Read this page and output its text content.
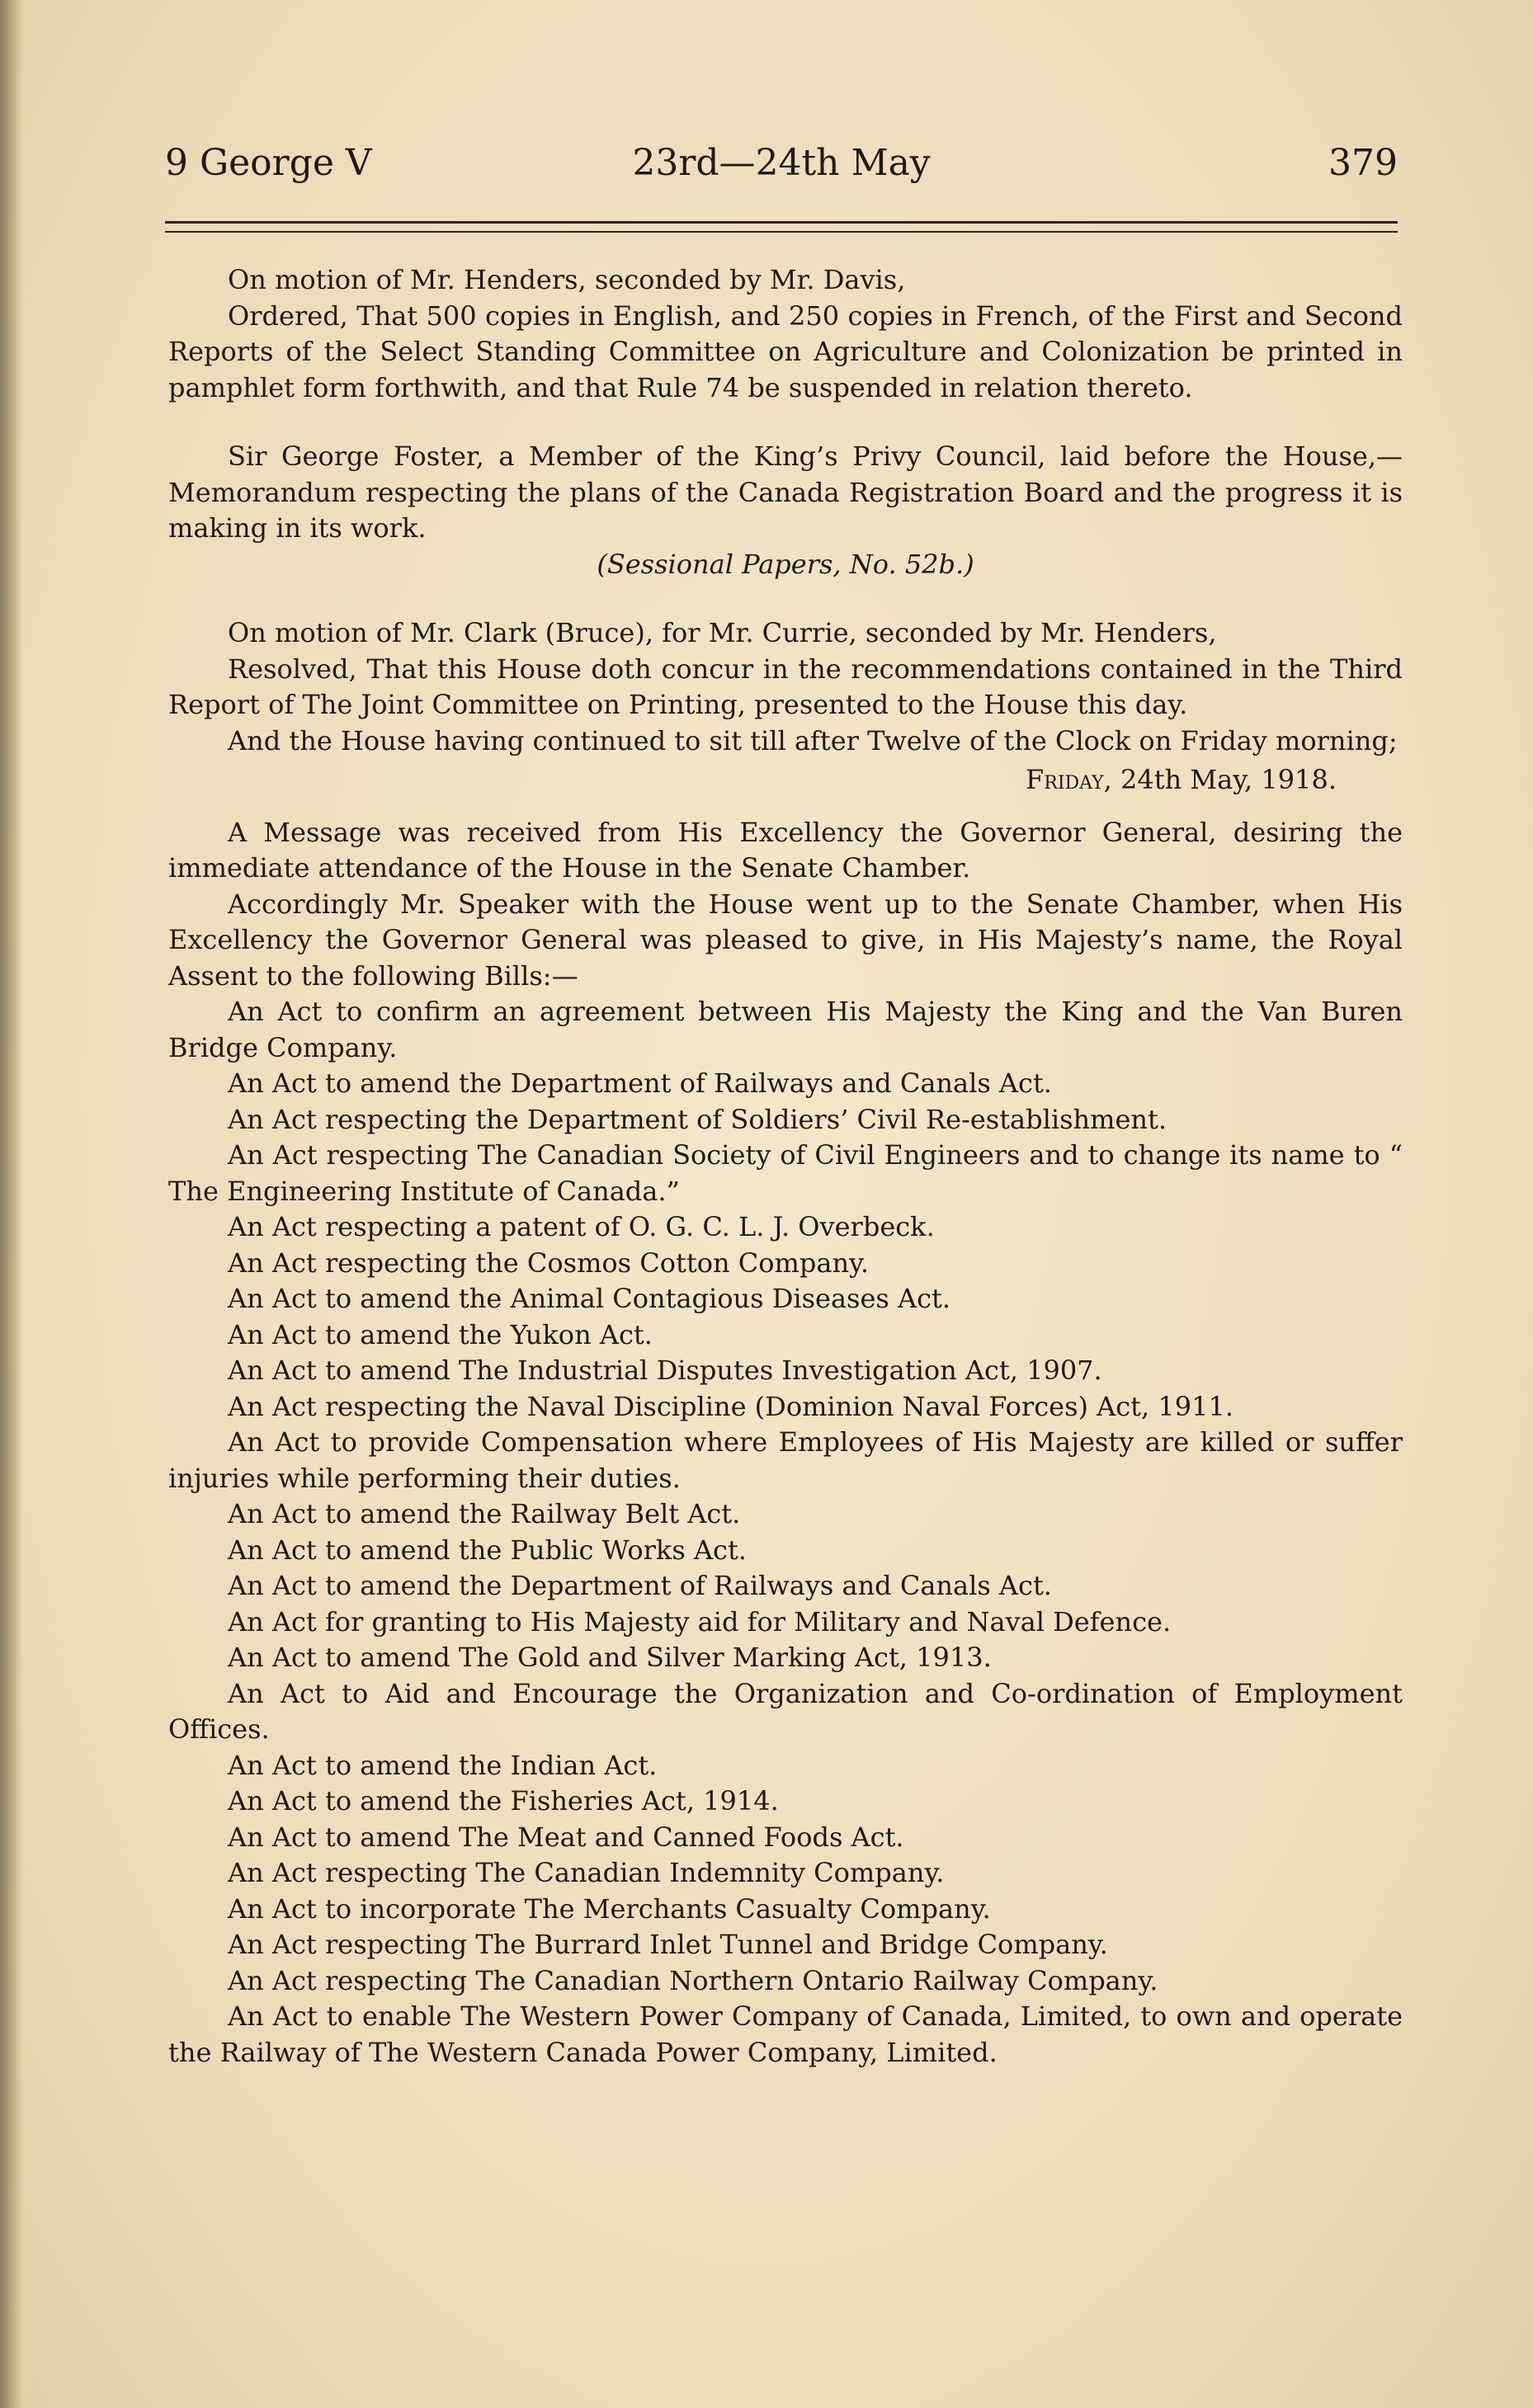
9 George V	23rd—24th May	379

On motion of Mr. Henders, seconded by Mr. Davis,

Ordered, That 500 copies in English, and 250 copies in French, of the First and Second Reports of the Select Standing Committee on Agriculture and Colonization be printed in pamphlet form forthwith, and that Rule 74 be suspended in relation thereto.

Sir George Foster, a Member of the King’s Privy Council, laid before the House,—Memorandum respecting the plans of the Canada Registration Board and the progress it is making in its work.

(Sessional Papers, No. 52b.)

On motion of Mr. Clark (Bruce), for Mr. Currie, seconded by Mr. Henders,

Resolved, That this House doth concur in the recommendations contained in the Third Report of The Joint Committee on Printing, presented to the House this day.

And the House having continued to sit till after Twelve of the Clock on Friday morning;

Friday, 24th May, 1918.

A Message was received from His Excellency the Governor General, desiring the immediate attendance of the House in the Senate Chamber.

Accordingly Mr. Speaker with the House went up to the Senate Chamber, when His Excellency the Governor General was pleased to give, in His Majesty’s name, the Royal Assent to the following Bills:—

An Act to confirm an agreement between His Majesty the King and the Van Buren Bridge Company.

An Act to amend the Department of Railways and Canals Act.

An Act respecting the Department of Soldiers’ Civil Re-establishment.

An Act respecting The Canadian Society of Civil Engineers and to change its name to “ The Engineering Institute of Canada.”

An Act respecting a patent of O. G. C. L. J. Overbeck.

An Act respecting the Cosmos Cotton Company.

An Act to amend the Animal Contagious Diseases Act.

An Act to amend the Yukon Act.

An Act to amend The Industrial Disputes Investigation Act, 1907.

An Act respecting the Naval Discipline (Dominion Naval Forces) Act, 1911.

An Act to provide Compensation where Employees of His Majesty are killed or suffer injuries while performing their duties.

An Act to amend the Railway Belt Act.

An Act to amend the Public Works Act.

An Act to amend the Department of Railways and Canals Act.

An Act for granting to His Majesty aid for Military and Naval Defence.

An Act to amend The Gold and Silver Marking Act, 1913.

An Act to Aid and Encourage the Organization and Co-ordination of Employment Offices.

An Act to amend the Indian Act.

An Act to amend the Fisheries Act, 1914.

An Act to amend The Meat and Canned Foods Act.

An Act respecting The Canadian Indemnity Company.

An Act to incorporate The Merchants Casualty Company.

An Act respecting The Burrard Inlet Tunnel and Bridge Company.

An Act respecting The Canadian Northern Ontario Railway Company.

An Act to enable The Western Power Company of Canada, Limited, to own and operate the Railway of The Western Canada Power Company, Limited.
